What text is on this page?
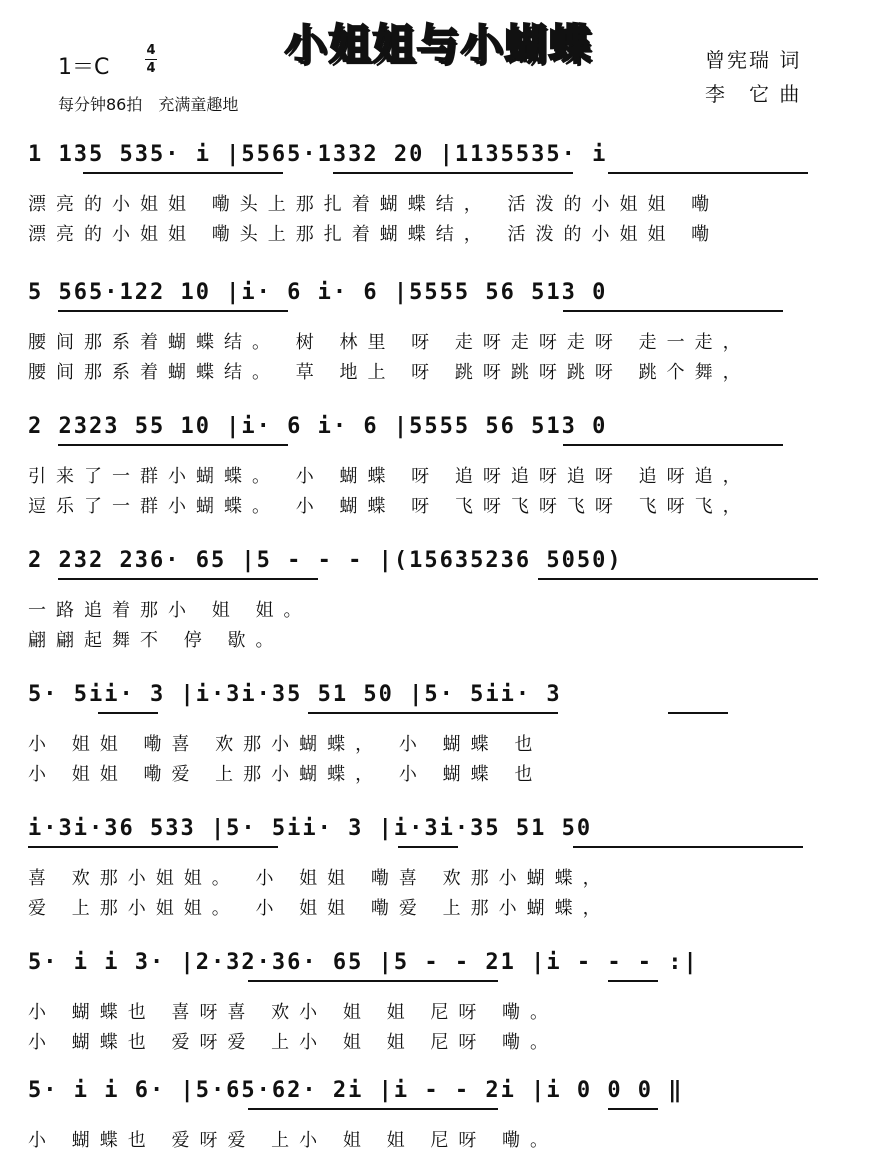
小姐姐与小蝴蝶
1＝C
4
4
每分钟86拍　充满童趣地
曾宪瑞 词
李　它 曲
1 135 535· i |5565·1332 20 |1135535· i
漂亮的小姐姐 嘞头上那扎着蝴蝶结， 活泼的小姐姐 嘞
漂亮的小姐姐 嘞头上那扎着蝴蝶结， 活泼的小姐姐 嘞
5 565·122 10 |i· 6 i· 6 |5555 56 513 0
腰间那系着蝴蝶结。 树 林里 呀 走呀走呀走呀 走一走，
腰间那系着蝴蝶结。 草 地上 呀 跳呀跳呀跳呀 跳个舞，
2 2323 55 10 |i· 6 i· 6 |5555 56 513 0
引来了一群小蝴蝶。 小 蝴蝶 呀 追呀追呀追呀 追呀追，
逗乐了一群小蝴蝶。 小 蝴蝶 呀 飞呀飞呀飞呀 飞呀飞，
2 232 236· 65 |5 - - - |(15635236 5050)
一路追着那小 姐 姐。
翩翩起舞不 停 歇。
5· 5ii· 3 |i·3i·35 51 50 |5· 5ii· 3
小 姐姐 嘞喜 欢那小蝴蝶， 小 蝴蝶 也
小 姐姐 嘞爱 上那小蝴蝶， 小 蝴蝶 也
i·3i·36 533 |5· 5ii· 3 |i·3i·35 51 50
喜 欢那小姐姐。 小 姐姐 嘞喜 欢那小蝴蝶，
爱 上那小姐姐。 小 姐姐 嘞爱 上那小蝴蝶，
5· i i 3· |2·32·36· 65 |5 - - 21 |i - - - :|
小 蝴蝶也 喜呀喜 欢小 姐 姐 尼呀 嘞。
小 蝴蝶也 爱呀爱 上小 姐 姐 尼呀 嘞。
5· i i 6· |5·65·62· 2i |i - - 2i |i 0 0 0 ‖
小 蝴蝶也 爱呀爱 上小 姐 姐 尼呀 嘞。
